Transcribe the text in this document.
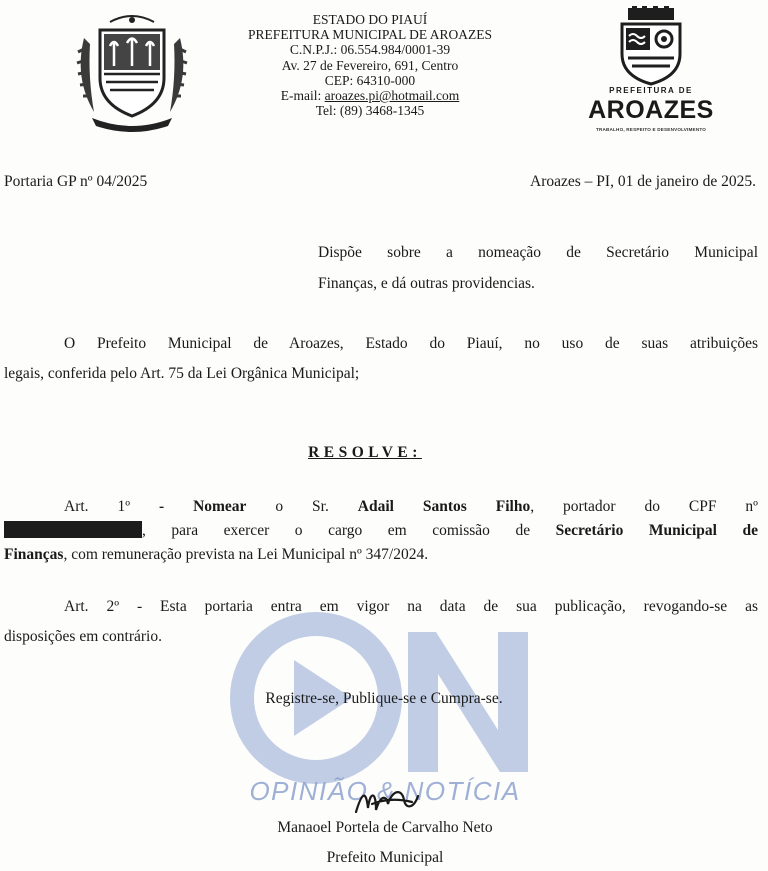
ESTADO DO PIAUÍ
PREFEITURA MUNICIPAL DE AROAZES
C.N.P.J.: 06.554.984/0001-39
Av. 27 de Fevereiro, 691, Centro
CEP: 64310-000
E-mail: aroazes.pi@hotmail.com
Tel: (89) 3468-1345
PREFEITURA DE
AROAZES
TRABALHO, RESPEITO E DESENVOLVIMENTO
Portaria GP nº 04/2025	Aroazes – PI, 01 de janeiro de 2025.
Dispõe sobre a nomeação de Secretário Municipal
Finanças, e dá outras providencias.
O Prefeito Municipal de Aroazes, Estado do Piauí, no uso de suas atribuições
legais, conferida pelo Art. 75 da Lei Orgânica Municipal;
RESOLVE:
Art. 1º - Nomear o Sr. Adail Santos Filho, portador do CPF nº
, para exercer o cargo em comissão de Secretário Municipal de
Finanças, com remuneração prevista na Lei Municipal nº 347/2024.
Art. 2º - Esta portaria entra em vigor na data de sua publicação, revogando-se as
disposições em contrário.
Registre-se, Publique-se e Cumpra-se.
OPINIÃO & NOTÍCIA
Manaoel Portela de Carvalho Neto
Prefeito Municipal
